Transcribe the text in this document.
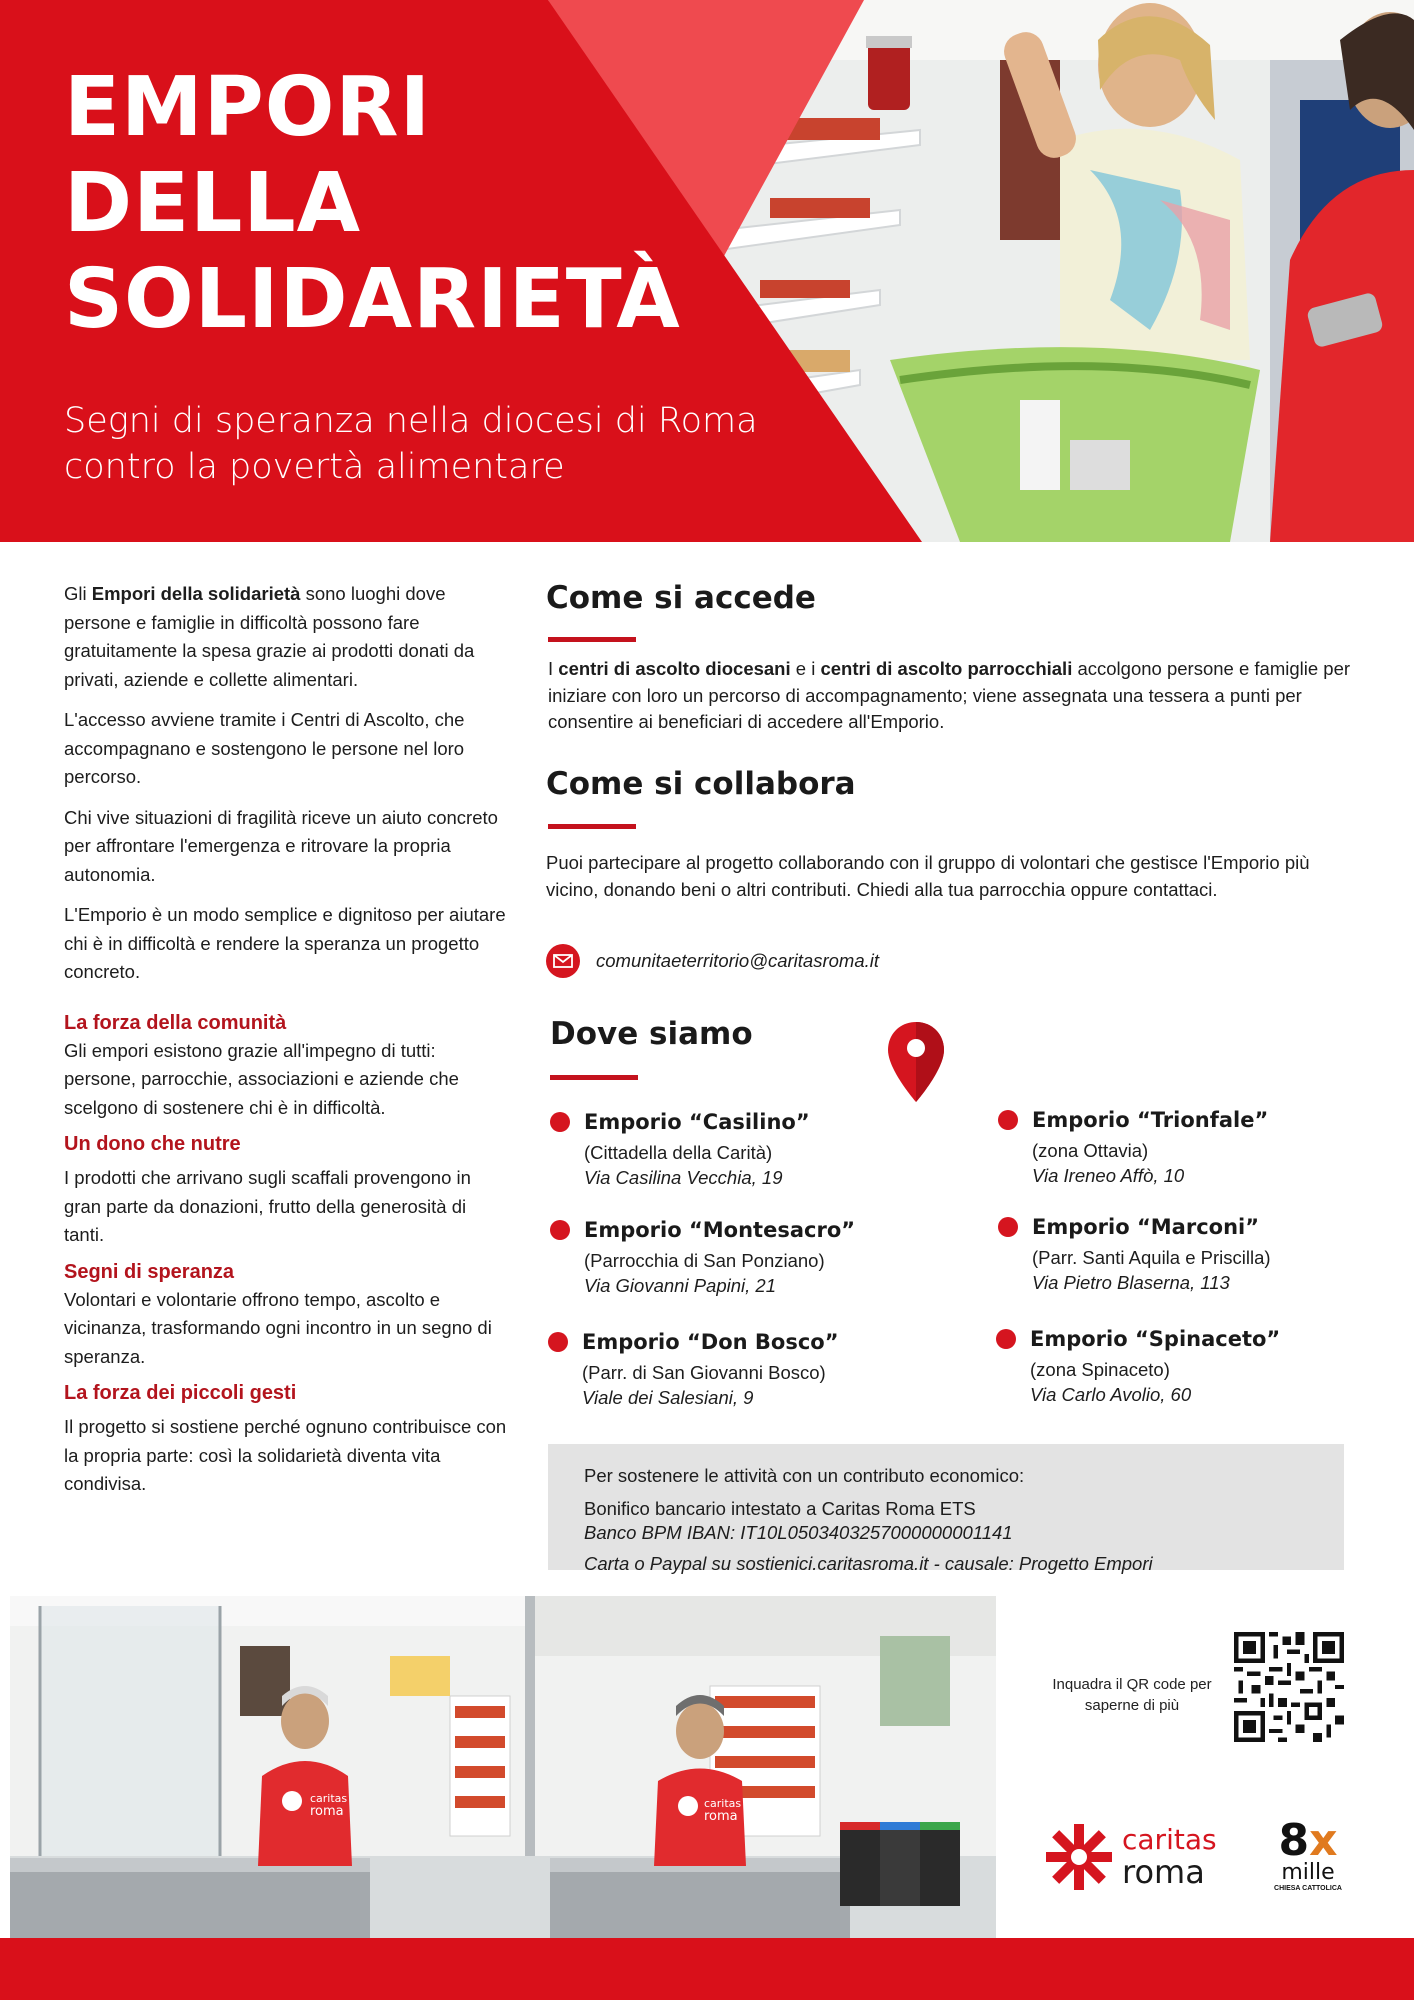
EMPORI
DELLA
SOLIDARIETÀ
Segni di speranza nella diocesi di Roma
contro la povertà alimentare
Gli Empori della solidarietà sono luoghi dove persone e famiglie in difficoltà possono fare gratuitamente la spesa grazie ai prodotti donati da privati, aziende e collette alimentari.
L'accesso avviene tramite i Centri di Ascolto, che accompagnano e sostengono le persone nel loro percorso.
Chi vive situazioni di fragilità riceve un aiuto concreto per affrontare l'emergenza e ritrovare la propria autonomia.
L'Emporio è un modo semplice e dignitoso per aiutare chi è in difficoltà e rendere la speranza un progetto concreto.
La forza della comunità
Gli empori esistono grazie all'impegno di tutti: persone, parrocchie, associazioni e aziende che scelgono di sostenere chi è in difficoltà.
Un dono che nutre
I prodotti che arrivano sugli scaffali provengono in gran parte da donazioni, frutto della generosità di tanti.
Segni di speranza
Volontari e volontarie offrono tempo, ascolto e vicinanza, trasformando ogni incontro in un segno di speranza.
La forza dei piccoli gesti
Il progetto si sostiene perché ognuno contribuisce con la propria parte: così la solidarietà diventa vita condivisa.
Come si accede
I centri di ascolto diocesani e i centri di ascolto parrocchiali accolgono persone e famiglie per iniziare con loro un percorso di accompagnamento; viene assegnata una tessera a punti per consentire ai beneficiari di accedere all'Emporio.
Come si collabora
Puoi partecipare al progetto collaborando con il gruppo di volontari che gestisce l'Emporio più vicino, donando beni o altri contributi. Chiedi alla tua parrocchia oppure contattaci.
comunitaeterritorio@caritasroma.it
Dove siamo
Emporio “Casilino”
(Cittadella della Carità)
Via Casilina Vecchia, 19
Emporio “Montesacro”
(Parrocchia di San Ponziano)
Via Giovanni Papini, 21
Emporio “Don Bosco”
(Parr. di San Giovanni Bosco)
Viale dei Salesiani, 9
Emporio “Trionfale”
(zona Ottavia)
Via Ireneo Affò, 10
Emporio “Marconi”
(Parr. Santi Aquila e Priscilla)
Via Pietro Blaserna, 113
Emporio “Spinaceto”
(zona Spinaceto)
Via Carlo Avolio, 60
Per sostenere le attività con un contributo economico:
Bonifico bancario intestato a Caritas Roma ETS
Banco BPM IBAN: IT10L0503403257000000001141
Carta o Paypal su sostienici.caritasroma.it - causale: Progetto Empori
caritas
roma
caritas
roma
Inquadra il QR code per saperne di più
caritas
roma
8x
mille
CHIESA CATTOLICA
